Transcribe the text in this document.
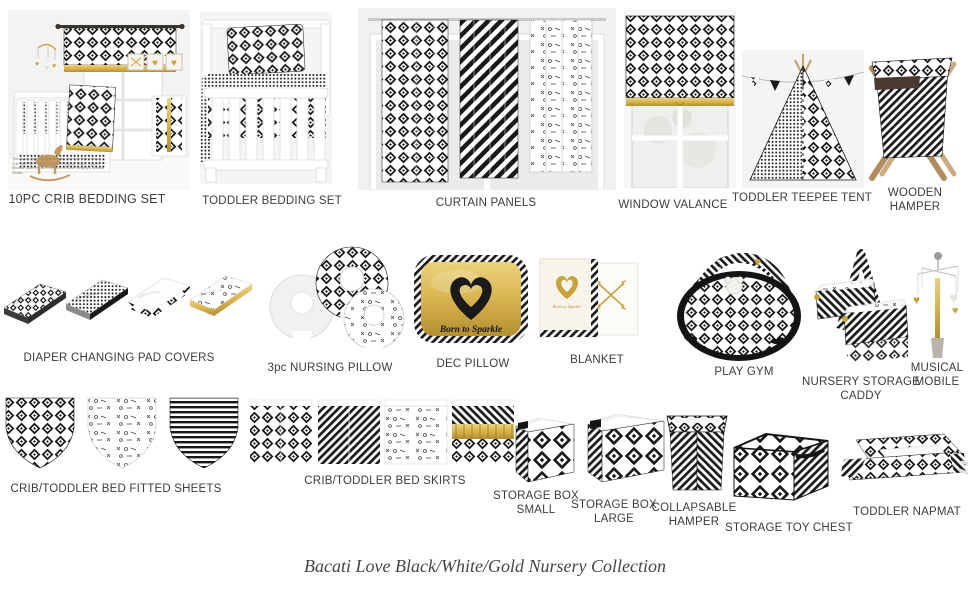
♥ ♥
♥
♥ ♥
This Bacati 10pc Crib Set includes Two Crib Fitted Sheet, Crib Skirt, Reversible Comforter/Playmat, Diaper Stacker, Window Valance, 3pc Embroidered Wall Hanging & Musical Mobile.
Born to Sparkle
Born to Sparkle
♥
♥
♥ ♥
♥
10PC CRIB BEDDING SET	TODDLER BEDDING SET	CURTAIN PANELS	WINDOW VALANCE
TODDLER TEEPEE TENT	WOODEN HAMPER
DIAPER CHANGING PAD COVERS
3pc NURSING PILLOW	DEC PILLOW	BLANKET
PLAY GYM
NURSERY STORAGE CADDY
MUSICAL MOBILE
CRIB/TODDLER BED FITTED SHEETS
CRIB/TODDLER BED SKIRTS
STORAGE BOX SMALL	STORAGE BOX LARGE
COLLAPSABLE HAMPER STORAGE TOY CHEST
TODDLER NAPMAT
Bacati Love Black/White/Gold Nursery Collection
